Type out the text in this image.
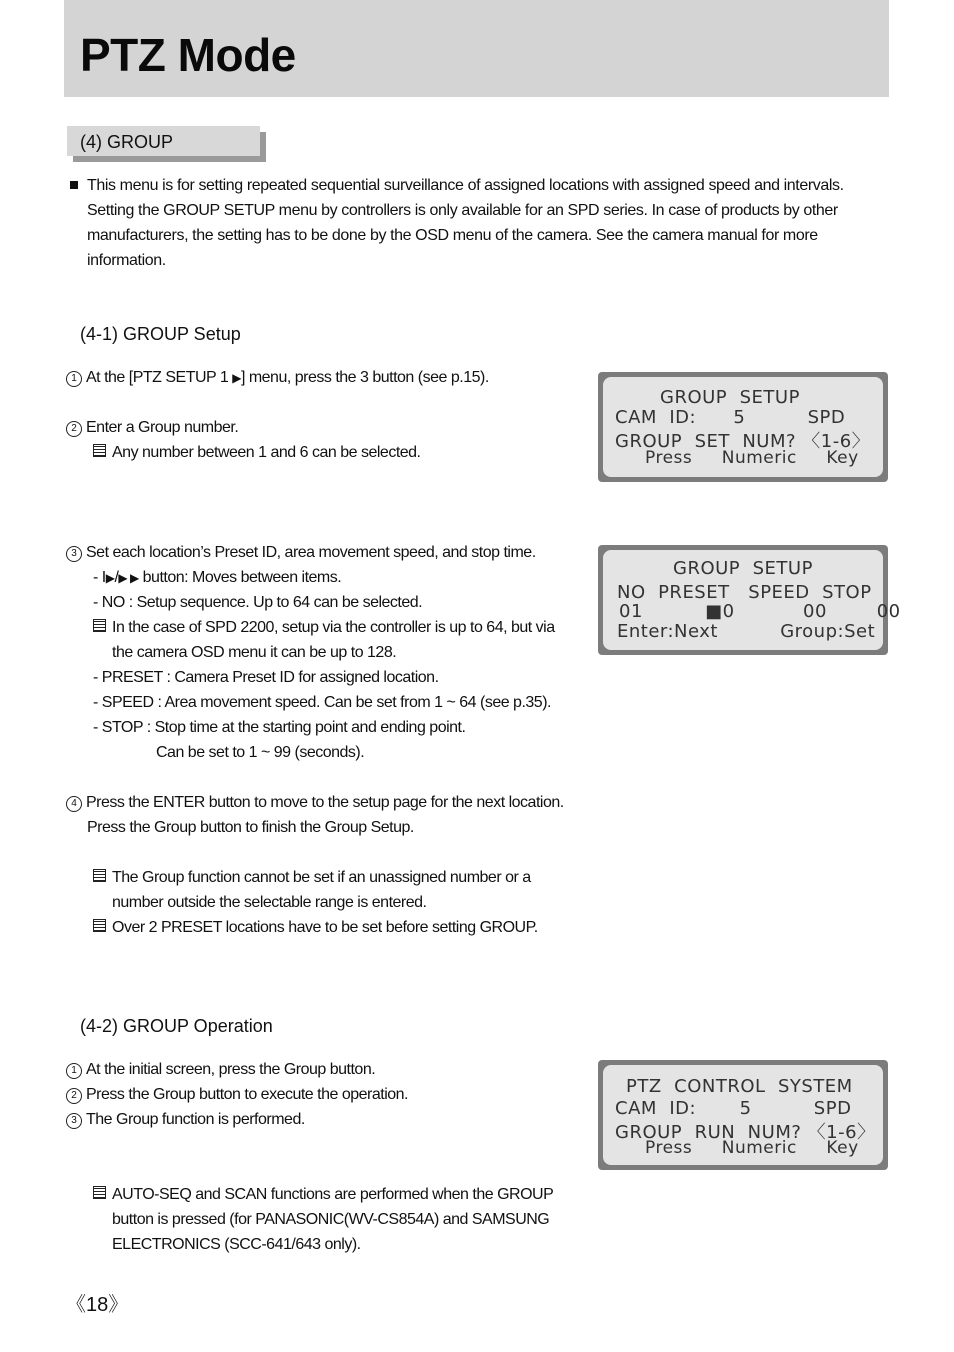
PTZ Mode
(4) GROUP
This menu is for setting repeated sequential surveillance of assigned locations with assigned speed and intervals.
Setting the GROUP SETUP menu by controllers is only available for an SPD series. In case of products by other
manufacturers, the setting has to be done by the OSD menu of the camera. See the camera manual for more
information.
(4-1) GROUP Setup
1 At the [PTZ SETUP 1 ▶] menu, press the 3 button (see p.15).
2 Enter a Group number.
Any number between 1 and 6 can be selected.
3 Set each location’s Preset ID, area movement speed, and stop time.
- I▶/▶ ▶ button: Moves between items.
- NO : Setup sequence. Up to 64 can be selected.
In the case of SPD 2200, setup via the controller is up to 64, but via
the camera OSD menu it can be up to 128.
- PRESET : Camera Preset ID for assigned location.
- SPEED : Area movement speed. Can be set from 1 ~ 64 (see p.35).
- STOP : Stop time at the starting point and ending point.
Can be set to 1 ~ 99 (seconds).
4 Press the ENTER button to move to the setup page for the next location.
Press the Group button to finish the Group Setup.
The Group function cannot be set if an unassigned number or a
number outside the selectable range is entered.
Over 2 PRESET locations have to be set before setting GROUP.
(4-2) GROUP Operation
1 At the initial screen, press the Group button.
2 Press the Group button to execute the operation.
3 The Group function is performed.
AUTO-SEQ and SCAN functions are performed when the GROUP
button is pressed (for PANASONIC(WV-CS854A) and SAMSUNG
ELECTRONICS (SCC-641/643 only).
GROUP  SETUP
CAM  ID:      5          SPD
GROUP  SET  NUM? 〈1-6〉
Press     Numeric     Key
GROUP  SETUP
NO  PRESET   SPEED  STOP
01          ■0           00        00
Enter:Next          Group:Set
PTZ  CONTROL  SYSTEM
CAM  ID:       5          SPD
GROUP  RUN  NUM? 〈1-6〉
Press     Numeric     Key
《18》
